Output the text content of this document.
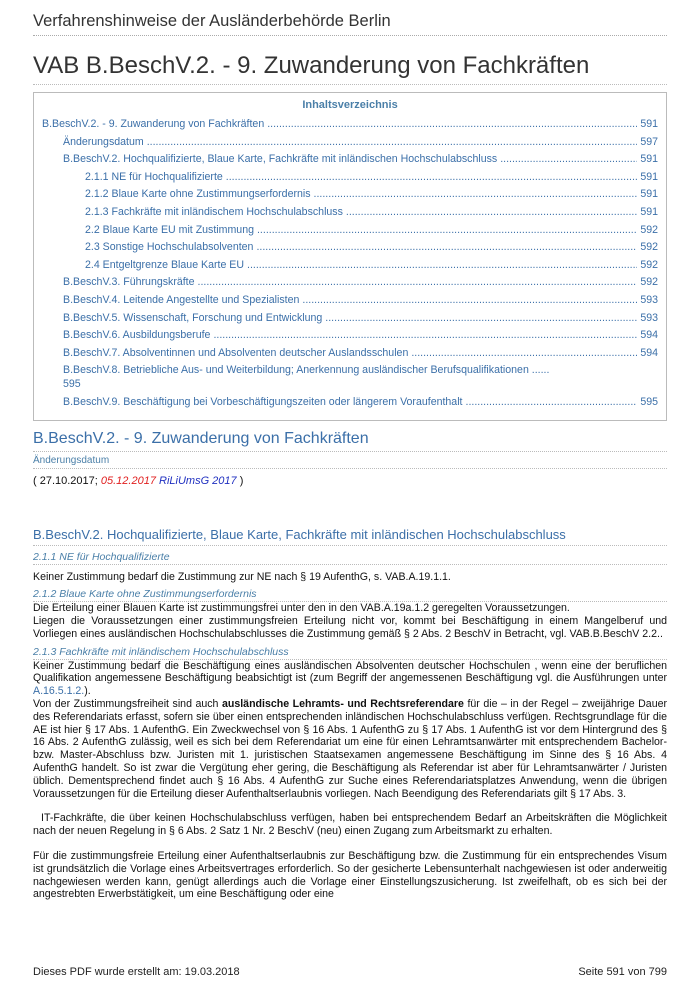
Verfahrenshinweise der Ausländerbehörde Berlin
VAB B.BeschV.2. - 9. Zuwanderung von Fachkräften
Inhaltsverzeichnis
B.BeschV.2. - 9. Zuwanderung von Fachkräften .....	591
Änderungsdatum .....	597
B.BeschV.2. Hochqualifizierte, Blaue Karte, Fachkräfte mit inländischen Hochschulabschluss .....	591
2.1.1 NE für Hochqualifizierte .....	591
2.1.2 Blaue Karte ohne Zustimmungserfordernis .....	591
2.1.3 Fachkräfte mit inländischem Hochschulabschluss .....	591
2.2 Blaue Karte EU mit Zustimmung .....	592
2.3 Sonstige Hochschulabsolventen .....	592
2.4 Entgeltgrenze Blaue Karte EU .....	592
B.BeschV.3. Führungskräfte .....	592
B.BeschV.4. Leitende Angestellte und Spezialisten .....	593
B.BeschV.5. Wissenschaft, Forschung und Entwicklung .....	593
B.BeschV.6. Ausbildungsberufe .....	594
B.BeschV.7. Absolventinnen und Absolventen deutscher Auslandsschulen .....	594
B.BeschV.8. Betriebliche Aus- und Weiterbildung; Anerkennung ausländischer Berufsqualifikationen ......
595
B.BeschV.9. Beschäftigung bei Vorbeschäftigungszeiten oder längerem Voraufenthalt .....	595
B.BeschV.2. - 9. Zuwanderung von Fachkräften
Änderungsdatum
( 27.10.2017; 05.12.2017 RiLiUmsG 2017 )
B.BeschV.2. Hochqualifizierte, Blaue Karte, Fachkräfte mit inländischen Hochschulabschluss
2.1.1 NE für Hochqualifizierte

Keiner Zustimmung bedarf die Zustimmung zur NE nach § 19 AufenthG, s. VAB.A.19.1.1.

2.1.2 Blaue Karte ohne Zustimmungserfordernis

Die Erteilung einer Blauen Karte ist zustimmungsfrei unter den in den VAB.A.19a.1.2 geregelten Voraussetzungen.

Liegen die Voraussetzungen einer zustimmungsfreien Erteilung nicht vor, kommt bei Beschäftigung in einem Mangelberuf und Vorliegen eines ausländischen Hochschulabschlusses die Zustimmung gemäß § 2 Abs. 2 BeschV in Betracht, vgl. VAB.B.BeschV 2.2..

2.1.3 Fachkräfte mit inländischem Hochschulabschluss

Keiner Zustimmung bedarf die Beschäftigung eines ausländischen Absolventen deutscher Hochschulen , wenn eine der beruflichen Qualifikation angemessene Beschäftigung beabsichtigt ist (zum Begriff der angemessenen Beschäftigung vgl. die Ausführungen unter A.16.5.1.2.).

Von der Zustimmungsfreiheit sind auch ausländische Lehramts- und Rechtsreferendare für die – in der Regel – zweijährige Dauer des Referendariats erfasst, sofern sie über einen entsprechenden inländischen Hochschulabschluss verfügen. Rechtsgrundlage für die AE ist hier § 17 Abs. 1 AufenthG. Ein Zweckwechsel von § 16 Abs. 1 AufenthG zu § 17 Abs. 1 AufenthG ist vor dem Hintergrund des § 16 Abs. 2 AufenthG zulässig, weil es sich bei dem Referendariat um eine für einen Lehramtsanwärter mit entsprechendem Bachelor- bzw. Master-Abschluss bzw. Juristen mit 1. juristischen Staatsexamen angemessene Beschäftigung im Sinne des § 16 Abs. 4 AufenthG handelt. So ist zwar die Vergütung eher gering, die Beschäftigung als Referendar ist aber für Lehramtsanwärter / Juristen üblich. Dementsprechend findet auch § 16 Abs. 4 AufenthG zur Suche eines Referendariatsplatzes Anwendung, wenn die übrigen Voraussetzungen für die Erteilung dieser Aufenthaltserlaubnis vorliegen. Nach Beendigung des Referendariats gilt § 17 Abs. 3.

IT-Fachkräfte, die über keinen Hochschulabschluss verfügen, haben bei entsprechendem Bedarf an Arbeitskräften die Möglichkeit nach der neuen Regelung in § 6 Abs. 2 Satz 1 Nr. 2 BeschV (neu) einen Zugang zum Arbeitsmarkt zu erhalten.

Für die zustimmungsfreie Erteilung einer Aufenthaltserlaubnis zur Beschäftigung bzw. die Zustimmung für ein entsprechendes Visum ist grundsätzlich die Vorlage eines Arbeitsvertrages erforderlich. So der gesicherte Lebensunterhalt nachgewiesen ist oder anderweitig nachgewiesen werden kann, genügt allerdings auch die Vorlage einer Einstellungszusicherung. Ist zweifelhaft, ob es sich bei der angestrebten Erwerbstätigkeit, um eine Beschäftigung oder eine

Dieses PDF wurde erstellt am: 19.03.2018	Seite 591 von 799
